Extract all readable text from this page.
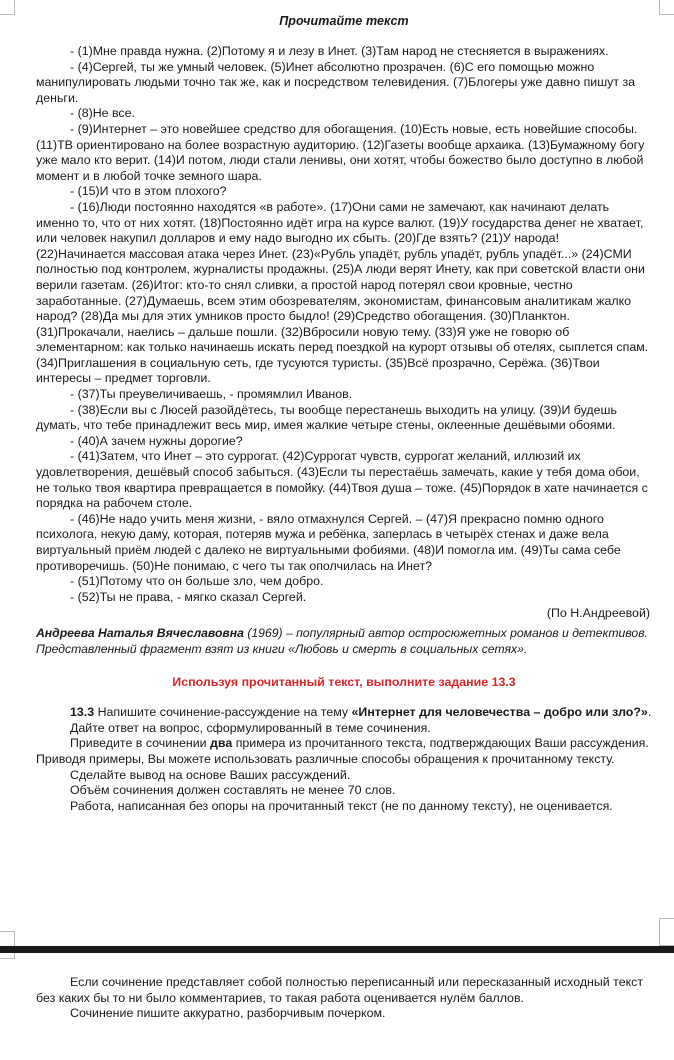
Прочитайте текст

- (1)Мне правда нужна. (2)Потому я и лезу в Инет. (3)Там народ не стесняется в выражениях.

- (4)Сергей, ты же умный человек. (5)Инет абсолютно прозрачен. (6)С его помощью можно манипулировать людьми точно так же, как и посредством телевидения. (7)Блогеры уже давно пишут за деньги.

- (8)Не все.

- (9)Интернет – это новейшее средство для обогащения. (10)Есть новые, есть новейшие способы. (11)ТВ ориентировано на более возрастную аудиторию. (12)Газеты вообще архаика. (13)Бумажному богу уже мало кто верит. (14)И потом, люди стали ленивы, они хотят, чтобы божество было доступно в любой момент и в любой точке земного шара.

- (15)И что в этом плохого?

- (16)Люди постоянно находятся «в работе». (17)Они сами не замечают, как начинают делать именно то, что от них хотят. (18)Постоянно идёт игра на курсе валют. (19)У государства денег не хватает, или человек накупил долларов и ему надо выгодно их сбыть. (20)Где взять? (21)У народа! (22)Начинается массовая атака через Инет. (23)«Рубль упадёт, рубль упадёт, рубль упадёт...» (24)СМИ полностью под контролем, журналисты продажны. (25)А люди верят Инету, как при советской власти они верили газетам. (26)Итог: кто-то снял сливки, а простой народ потерял свои кровные, честно заработанные. (27)Думаешь, всем этим обозревателям, экономистам, финансовым аналитикам жалко народ? (28)Да мы для этих умников просто быдло! (29)Средство обогащения. (30)Планктон. (31)Прокачали, наелись – дальше пошли. (32)Вбросили новую тему. (33)Я уже не говорю об элементарном: как только начинаешь искать перед поездкой на курорт отзывы об отелях, сыплется спам. (34)Приглашения в социальную сеть, где тусуются туристы. (35)Всё прозрачно, Серёжа. (36)Твои интересы – предмет торговли.

- (37)Ты преувеличиваешь, - промямлил Иванов.

- (38)Если вы с Люсей разойдётесь, ты вообще перестанешь выходить на улицу. (39)И будешь думать, что тебе принадлежит весь мир, имея жалкие четыре стены, оклеенные дешёвыми обоями.

- (40)А зачем нужны дорогие?

- (41)Затем, что Инет – это суррогат. (42)Суррогат чувств, суррогат желаний, иллюзий их удовлетворения, дешёвый способ забыться. (43)Если ты перестаёшь замечать, какие у тебя дома обои, не только твоя квартира превращается в помойку. (44)Твоя душа – тоже. (45)Порядок в хате начинается с порядка на рабочем столе.

- (46)Не надо учить меня жизни, - вяло отмахнулся Сергей. – (47)Я прекрасно помню одного психолога, некую даму, которая, потеряв мужа и ребёнка, заперлась в четырёх стенах и даже вела виртуальный приём людей с далеко не виртуальными фобиями. (48)И помогла им. (49)Ты сама себе противоречишь. (50)Не понимаю, с чего ты так ополчилась на Инет?

- (51)Потому что он больше зло, чем добро.

- (52)Ты не права, - мягко сказал Сергей.

(По Н.Андреевой)

Андреева Наталья Вячеславовна (1969) – популярный автор остросюжетных романов и детективов. Представленный фрагмент взят из книги «Любовь и смерть в социальных сетях».

Используя прочитанный текст, выполните задание 13.3

13.3 Напишите сочинение-рассуждение на тему «Интернет для человечества – добро или зло?».

Дайте ответ на вопрос, сформулированный в теме сочинения.

Приведите в сочинении два примера из прочитанного текста, подтверждающих Ваши рассуждения. Приводя примеры, Вы можете использовать различные способы обращения к прочитанному тексту.

Сделайте вывод на основе Ваших рассуждений.

Объём сочинения должен составлять не менее 70 слов.

Работа, написанная без опоры на прочитанный текст (не по данному тексту), не оценивается.

Если сочинение представляет собой полностью переписанный или пересказанный исходный текст без каких бы то ни было комментариев, то такая работа оценивается нулём баллов.

Сочинение пишите аккуратно, разборчивым почерком.
